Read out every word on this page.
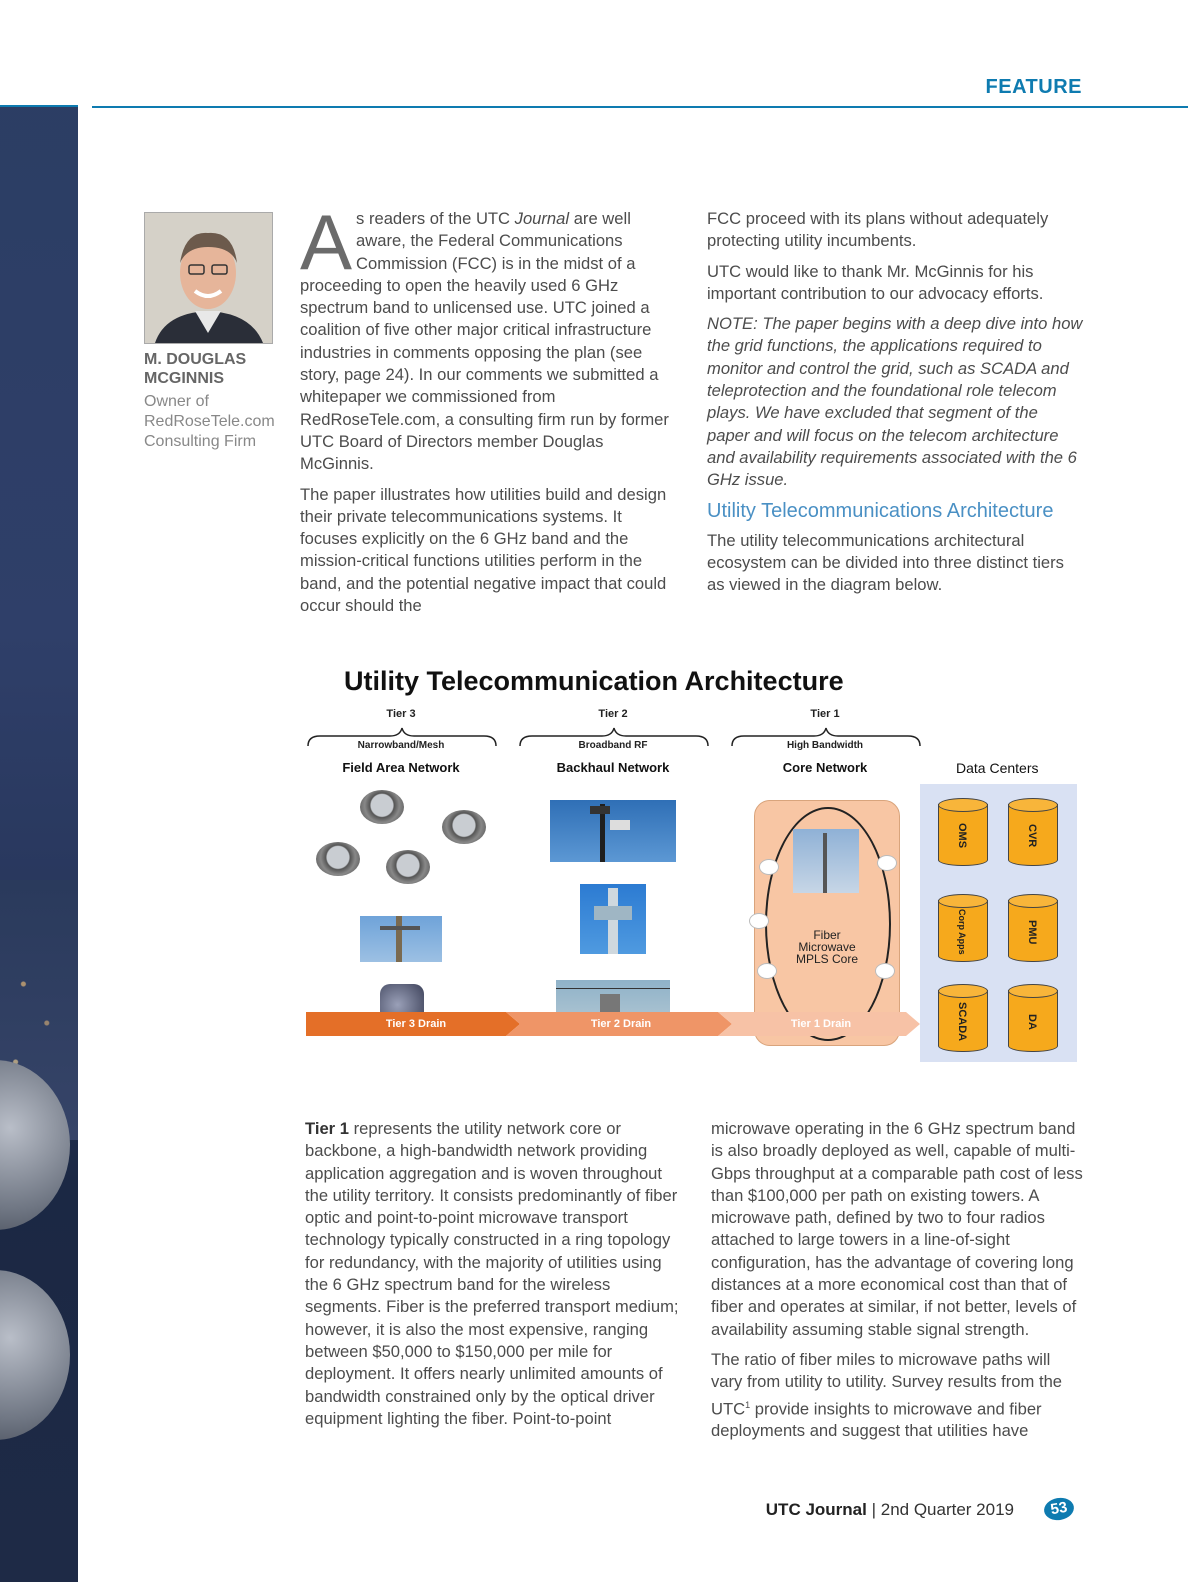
FEATURE
M. DOUGLAS MCGINNIS
Owner of RedRoseTele.com Consulting Firm

As readers of the UTC Journal are well aware, the Federal Communications Commission (FCC) is in the midst of a proceeding to open the heavily used 6 GHz spectrum band to unlicensed use. UTC joined a coalition of five other major critical infrastructure industries in comments opposing the plan (see story, page 24). In our comments we submitted a whitepaper we commissioned from RedRoseTele.com, a consulting firm run by former UTC Board of Directors member Douglas McGinnis.

The paper illustrates how utilities build and design their private telecommunications systems. It focuses explicitly on the 6 GHz band and the mission-critical functions utilities perform in the band, and the potential negative impact that could occur should the

FCC proceed with its plans without adequately protecting utility incumbents.

UTC would like to thank Mr. McGinnis for his important contribution to our advocacy efforts.

NOTE: The paper begins with a deep dive into how the grid functions, the applications required to monitor and control the grid, such as SCADA and teleprotection and the foundational role telecom plays. We have excluded that segment of the paper and will focus on the telecom architecture and availability requirements associated with the 6 GHz issue.

Utility Telecommunications Architecture

The utility telecommunications architectural ecosystem can be divided into three distinct tiers as viewed in the diagram below.

Utility Telecommunication Architecture
Tier 3	Tier 2	Tier 1
Narrowband/Mesh	Broadband RF	High Bandwidth
Field Area Network	Backhaul Network	Core Network	Data Centers
Fiber
Microwave
MPLS Core
OMS	CVR
Corp Apps	PMU
SCADA	DA
Tier 3 Drain	Tier 2 Drain	Tier 1 Drain

Tier 1 represents the utility network core or backbone, a high-bandwidth network providing application aggregation and is woven throughout the utility territory. It consists predominantly of fiber optic and point-to-point microwave transport technology typically constructed in a ring topology for redundancy, with the majority of utilities using the 6 GHz spectrum band for the wireless segments. Fiber is the preferred transport medium; however, it is also the most expensive, ranging between $50,000 to $150,000 per mile for deployment. It offers nearly unlimited amounts of bandwidth constrained only by the optical driver equipment lighting the fiber. Point-to-point

microwave operating in the 6 GHz spectrum band is also broadly deployed as well, capable of multi-Gbps throughput at a comparable path cost of less than $100,000 per path on existing towers. A microwave path, defined by two to four radios attached to large towers in a line-of-sight configuration, has the advantage of covering long distances at a more economical cost than that of fiber and operates at similar, if not better, levels of availability assuming stable signal strength.

The ratio of fiber miles to microwave paths will vary from utility to utility. Survey results from the UTC$^1$ provide insights to microwave and fiber deployments and suggest that utilities have

UTC Journal | 2nd Quarter 2019	53
